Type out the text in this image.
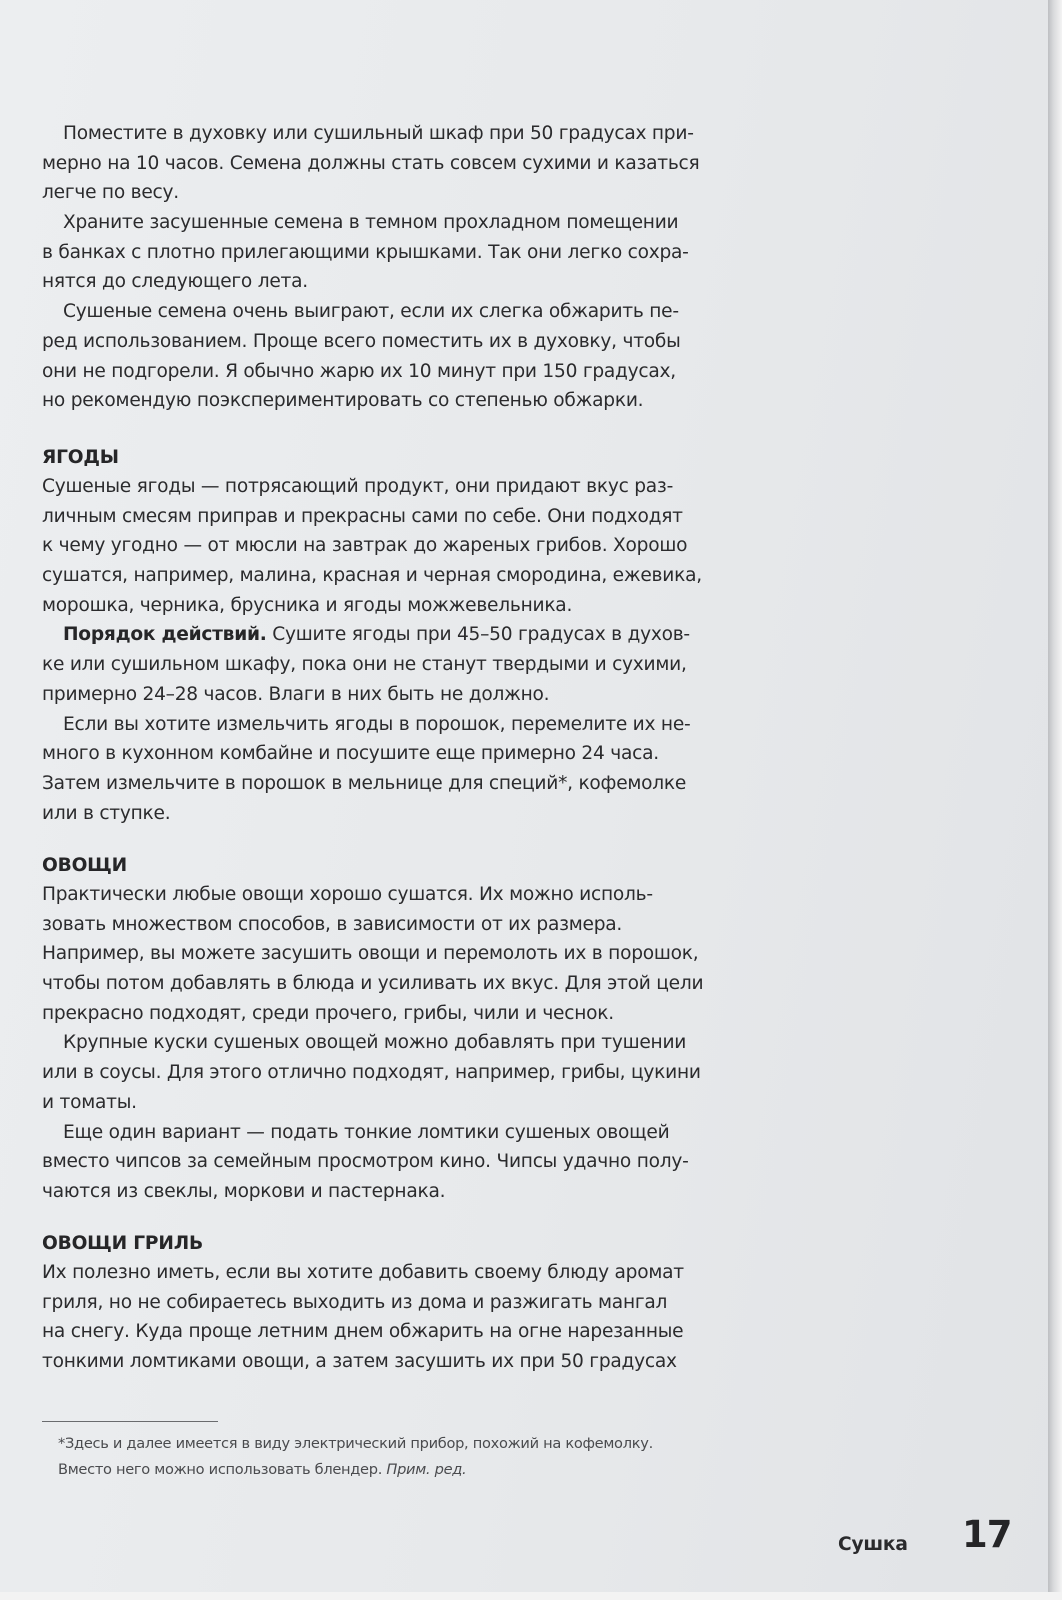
Поместите в духовку или сушильный шкаф при 50 градусах при-
мерно на 10 часов. Семена должны стать совсем сухими и казаться
легче по весу.
Храните засушенные семена в темном прохладном помещении
в банках с плотно прилегающими крышками. Так они легко сохра-
нятся до следующего лета.
Сушеные семена очень выиграют, если их слегка обжарить пе-
ред использованием. Проще всего поместить их в духовку, чтобы
они не подгорели. Я обычно жарю их 10 минут при 150 градусах,
но рекомендую поэкспериментировать со степенью обжарки.
ЯГОДЫ
Сушеные ягоды — потрясающий продукт, они придают вкус раз-
личным смесям приправ и прекрасны сами по себе. Они подходят
к чему угодно — от мюсли на завтрак до жареных грибов. Хорошо
сушатся, например, малина, красная и черная смородина, ежевика,
морошка, черника, брусника и ягоды можжевельника.
Порядок действий. Сушите ягоды при 45–50 градусах в духов-
ке или сушильном шкафу, пока они не станут твердыми и сухими,
примерно 24–28 часов. Влаги в них быть не должно.
Если вы хотите измельчить ягоды в порошок, перемелите их не-
много в кухонном комбайне и посушите еще примерно 24 часа.
Затем измельчите в порошок в мельнице для специй*, кофемолке
или в ступке.
ОВОЩИ
Практически любые овощи хорошо сушатся. Их можно исполь-
зовать множеством способов, в зависимости от их размера.
Например, вы можете засушить овощи и перемолоть их в порошок,
чтобы потом добавлять в блюда и усиливать их вкус. Для этой цели
прекрасно подходят, среди прочего, грибы, чили и чеснок.
Крупные куски сушеных овощей можно добавлять при тушении
или в соусы. Для этого отлично подходят, например, грибы, цукини
и томаты.
Еще один вариант — подать тонкие ломтики сушеных овощей
вместо чипсов за семейным просмотром кино. Чипсы удачно полу-
чаются из свеклы, моркови и пастернака.
ОВОЩИ ГРИЛЬ
Их полезно иметь, если вы хотите добавить своему блюду аромат
гриля, но не собираетесь выходить из дома и разжигать мангал
на снегу. Куда проще летним днем обжарить на огне нарезанные
тонкими ломтиками овощи, а затем засушить их при 50 градусах
*Здесь и далее имеется в виду электрический прибор, похожий на кофемолку.
Вместо него можно использовать блендер. Прим. ред.
Сушка 17
